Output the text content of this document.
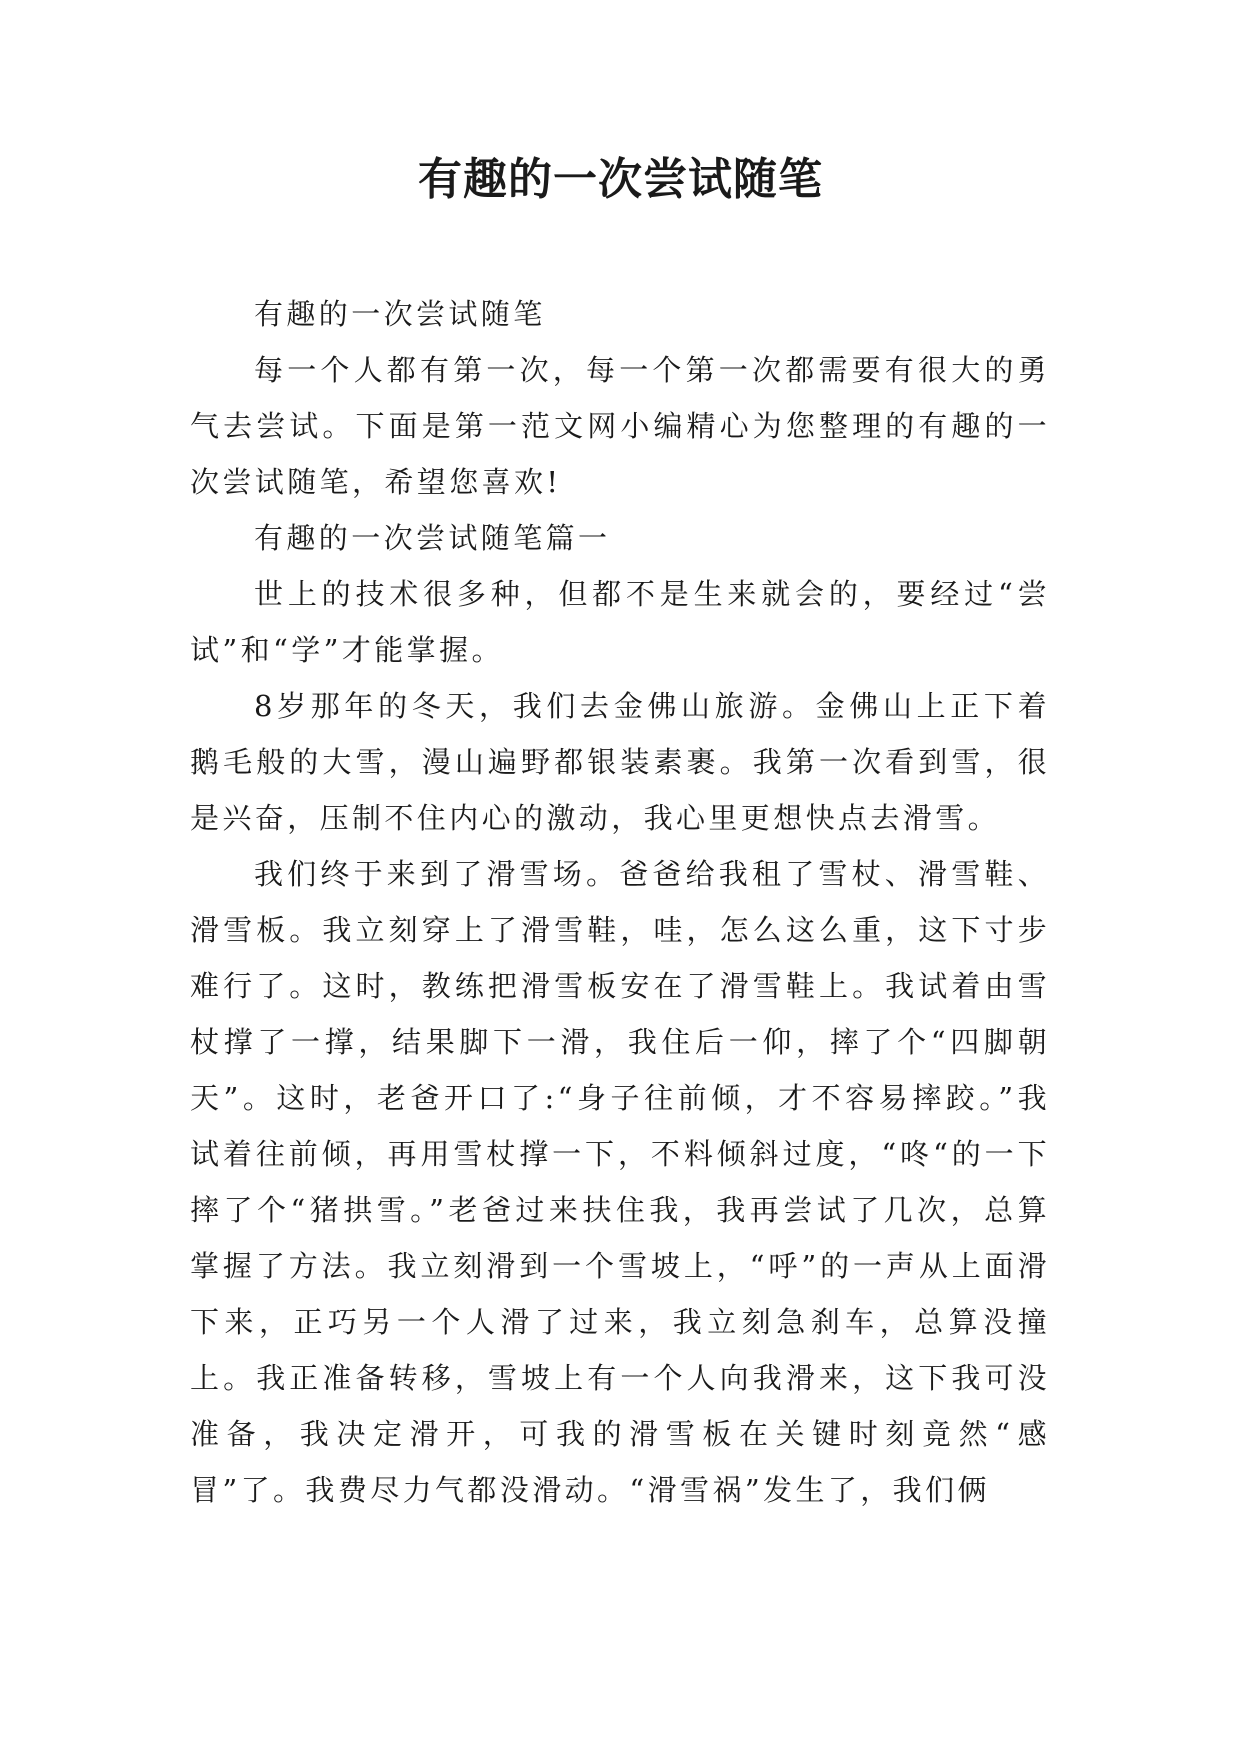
有趣的一次尝试随笔

有趣的一次尝试随笔

每一个人都有第一次，每一个第一次都需要有很大的勇气去尝试。下面是第一范文网小编精心为您整理的有趣的一次尝试随笔，希望您喜欢!

有趣的一次尝试随笔篇一

世上的技术很多种，但都不是生来就会的，要经过“尝试”和“学”才能掌握。

8岁那年的冬天，我们去金佛山旅游。金佛山上正下着鹅毛般的大雪，漫山遍野都银装素裹。我第一次看到雪，很是兴奋，压制不住内心的激动，我心里更想快点去滑雪。

我们终于来到了滑雪场。爸爸给我租了雪杖、滑雪鞋、滑雪板。我立刻穿上了滑雪鞋，哇，怎么这么重，这下寸步难行了。这时，教练把滑雪板安在了滑雪鞋上。我试着由雪杖撑了一撑，结果脚下一滑，我住后一仰，摔了个“四脚朝天”。这时，老爸开口了:“身子往前倾，才不容易摔跤。”我试着往前倾，再用雪杖撑一下，不料倾斜过度，“咚“的一下摔了个“猪拱雪。”老爸过来扶住我，我再尝试了几次，总算掌握了方法。我立刻滑到一个雪坡上，“呼”的一声从上面滑下来，正巧另一个人滑了过来，我立刻急刹车，总算没撞上。我正准备转移，雪坡上有一个人向我滑来，这下我可没准备，我决定滑开，可我的滑雪板在关键时刻竟然“感冒”了。我费尽力气都没滑动。“滑雪祸”发生了，我们俩
